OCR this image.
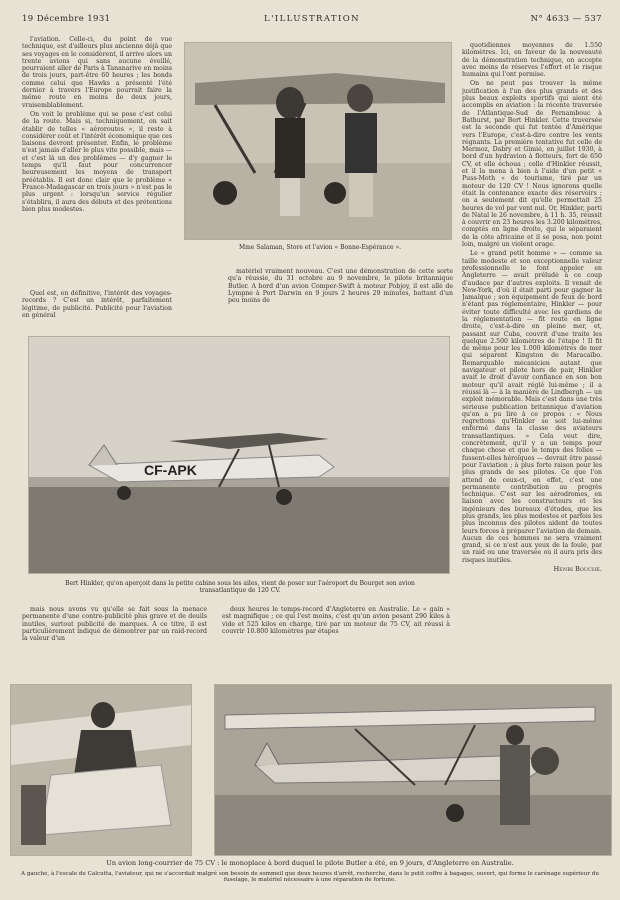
19 Décembre 1931	L'ILLUSTRATION	N° 4633 — 537

l'aviation. Celle-ci, du point de vue technique, est d'ailleurs plus ancienne déjà que ses voyages en le considèrent, il arrive alors un trente avions qui sans aucune éveillé, pourraient aller de Paris à Tananarive en moins de trois jours, part-être 60 heures ; les bonds comme celui que Hawks a présenté l'été dernier à travers l'Europe pourrait faire la même route en moins de deux jours, vraisemblablement.

On voit le problème qui se pose c'est celui de la route. Mais si, techniquement, on sait établir de telles « aéroroutes », il reste à considérer coût et l'intérêt économique que ces liaisons devront présenter. Enfin, le problème n'est jamais d'aller le plus vite possible, mais — et c'est là un des problèmes — d'y gagner le temps qu'il faut pour concurrencer heureusement les moyens de transport préétablis. Il est donc clair que le problème « France-Madagascar en trois jours » n'est pas le plus urgent : lorsqu'un service régulier s'établira, il aura des débuts et des prétentions bien plus modestes.

Mme Salaman, Store et l'avion « Bonne-Espérance ».

quotidiennes moyennes de 1.550 kilomètres. Ici, en faveur de la nouveauté de la démonstration technique, on accepte avec moins de réserves l'effort et le risque humains qui l'ont permise.

On ne peut pas trouver la même justification à l'un des plus grands et des plus beaux exploits sportifs qui aient été accomplis en aviation : la récente traversée de l'Atlantique-Sud de Pernambouc à Bathurst, par Bert Hinkler. Cette traversée est la seconde qui fut tentée d'Amérique vers l'Europe, c'est-à-dire contre les vents régnants. La première tentative fut celle de Mermoz, Dabry et Gimié, en juillet 1930, à bord d'un hydravion à flotteurs, fort de 650 CV, et elle échoua ; celle d'Hinkler réussit, et il la mena à bien à l'aide d'un petit « Puss-Moth » de tourisme, tiré par un moteur de 120 CV ! Nous ignorons quelle était la contenance exacte des réservoirs ; on a seulement dit qu'elle permettait 25 heures de vol par vent nul. Or, Hinkler, parti de Natal le 26 novembre, à 11 h. 35, réussit à couvrir en 23 heures les 3.200 kilomètres, comptés en ligne droite, qui le séparaient de la côte africaine et il se posa, non point loin, malgré un violent orage.

Le « grand petit homme » — comme sa taille modeste et son exceptionnelle valeur professionnelle le font appeler en Angleterre — avait préludé à ce coup d'audace par d'autres exploits. Il venait de New-York, d'où il était parti pour gagner la Jamaïque ; son équipement de feux de bord n'étant pas réglementaire, Hinkler — pour éviter toute difficulté avec les gardiens de la réglementation — fit route en ligne droite, c'est-à-dire en pleine mer, et, passant sur Cuba, couvrit d'une traite les quelque 2.500 kilomètres de l'étape ! Il fit de même pour les 1.000 kilomètres de mer qui séparent Kingston de Maracaïbo. Remarquable mécanicien autant que navigateur et pilote hors de pair, Hinkler avait le droit d'avoir confiance en son bon moteur qu'il avait réglé lui-même ; il a réussi là — à la manière de Lindbergh — un exploit mémorable. Mais c'est dans une très sérieuse publication britannique d'aviation qu'on a pu lire à ce propos : « Nous regrettons qu'Hinkler se soit lui-même enfermé dans la classe des aviateurs transatlantiques. » Cela veut dire, concrètement, qu'il y a un temps pour chaque chose et que le temps des folies — fussent-elles héroïques — devrait être passé pour l'aviation ; à plus forte raison pour les plus grands de ses pilotes. Ce que l'on attend de ceux-ci, en effet, c'est une permanente contribution au progrès technique. C'est sur les aérodromes, en liaison avec les constructeurs et les ingénieurs des bureaux d'études, que les plus grands, les plus modestes et parfois les plus inconnus des pilotes aident de toutes leurs forces à préparer l'aviation de demain. Aucun de ces hommes ne sera vraiment grand, si ce n'est aux yeux de la foule, par un raid ou une traversée où il aura pris des risques inutiles.

Henri Bouché.

Quel est, en définitive, l'intérêt des voyages-records ? C'est un intérêt, parfaitement légitime, de publicité. Publicité pour l'aviation en général

matériel vraiment nouveau. C'est une démonstration de cette sorte qu'a réussie, du 31 octobre au 9 novembre, le pilote britannique Butler. A bord d'un avion Comper-Swift à moteur Pobjoy, il est allé de Lympne à Port Darwin en 9 jours 2 heures 29 minutes, battant d'un peu moins de

CF-APK
Bert Hinkler, qu'on aperçoit dans la petite cabine sous les ailes, vient de poser sur l'aéroport du Bourget son avion transatlantique de 120 CV.

mais nous avons vu qu'elle se fait sous la menace permanente d'une contre-publicité plus grave et de deuils inutiles, surtout publicité de marques. A ce titre, il est particulièrement indiqué de démontrer par un raid-record la valeur d'un

deux heures le temps-record d'Angleterre en Australie. Le « gain » est magnifique ; ce qui l'est moins, c'est qu'un avion pesant 290 kilos à vide et 525 kilos en charge, tiré par un moteur de 75 CV, ait réussi à couvrir 10.800 kilomètres par étapes

Un avion long-courrier de 75 CV : le monoplace à bord duquel le pilote Butler a été, en 9 jours, d'Angleterre en Australie.
A gauche, à l'escale de Calcutta, l'aviateur, qui ne s'accordait malgré son besoin de sommeil que deux heures d'arrêt, recherche, dans le petit coffre à bagages, ouvert, qui forme le carénage supérieur du fuselage, le matériel nécessaire à une réparation de fortune.
